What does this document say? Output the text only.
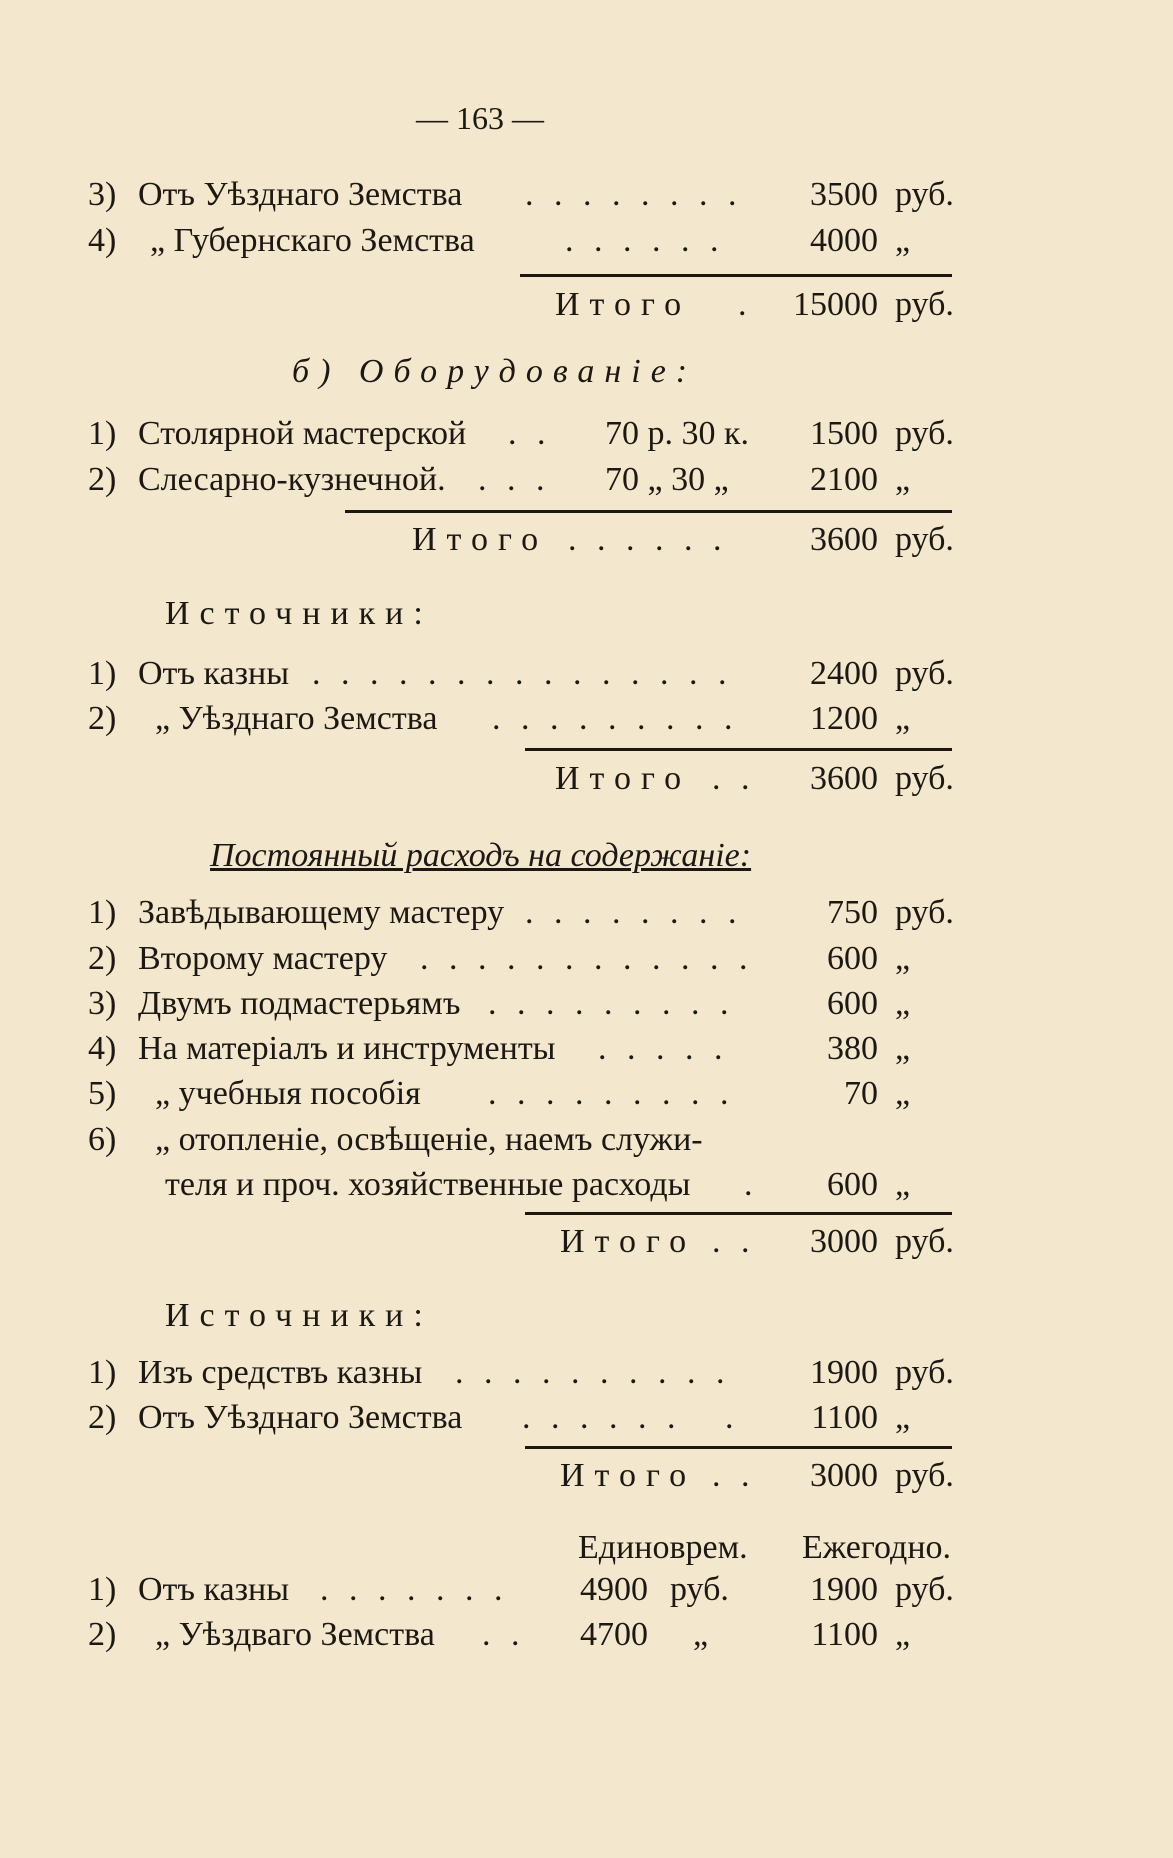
— 163 —
3) Отъ Уѣзднаго Земства . . . . . . . .	3500 руб.
4) „ Губернскаго Земства	. . . . . .	4000 „
Итого .	15000 руб.
б) Оборудованіе:
1) Столярной мастерской . . 70 р. 30 к.	1500 руб.
2) Слесарно-кузнечной. . . . 70 „ 30 „	2100 „
Итого . . . . . .	3600 руб.
Источники:
1) Отъ казны . . . . . . . . . . . . . . .	2400 руб.
2) „ Уѣзднаго Земства . . . . . . . . .	1200 „
Итого . .	3600 руб.
Постоянный расходъ на содержаніе:
1) Завѣдывающему мастеру . . . . . . . .	750 руб.
2) Второму мастеру . . . . . . . . . . . .	600 „
3) Двумъ подмастерьямъ . . . . . . . . .	600 „
4) На матеріалъ и инструменты . . . . .	380 „
5) „ учебныя пособія . . . . . . . . .	70 „
6) „ отопленіе, освѣщеніе, наемъ служи-
теля и проч. хозяйственные расходы .	600 „
Итого . .	3000 руб.
Источники:
1) Изъ средствъ казны . . . . . . . . . .	1900 руб.
2) Отъ Уѣзднаго Земства . . . . . .   .	1100 „
Итого . .	3000 руб.
Единоврем. Ежегодно.
1) Отъ казны . . . . . . . 4900 руб.	1900 руб.
2) „ Уѣздваго Земства . . 4700 „	1100 „
